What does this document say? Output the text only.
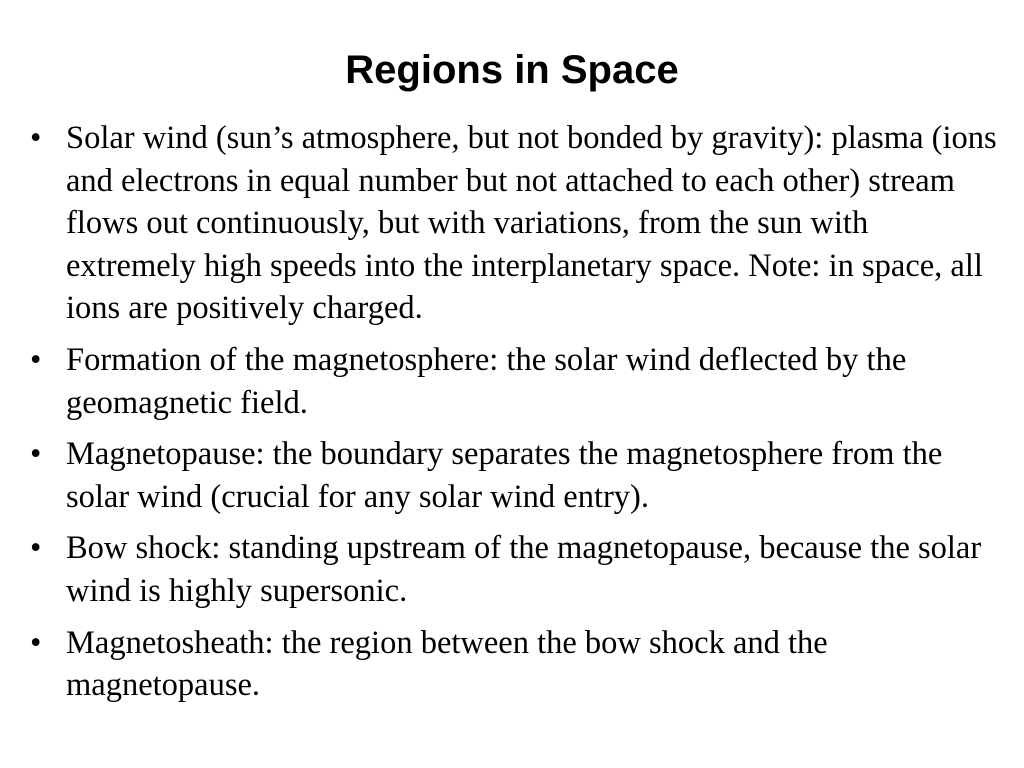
Regions in Space
• Solar wind (sun’s atmosphere, but not bonded by gravity): plasma (ions and electrons in equal number but not attached to each other) stream flows out continuously, but with variations, from the sun with extremely high speeds into the interplanetary space. Note: in space, all ions are positively charged.
• Formation of the magnetosphere: the solar wind deflected by the geomagnetic field.
• Magnetopause: the boundary separates the magnetosphere from the solar wind (crucial for any solar wind entry).
• Bow shock: standing upstream of the magnetopause, because the solar wind is highly supersonic.
• Magnetosheath: the region between the bow shock and the magnetopause.
